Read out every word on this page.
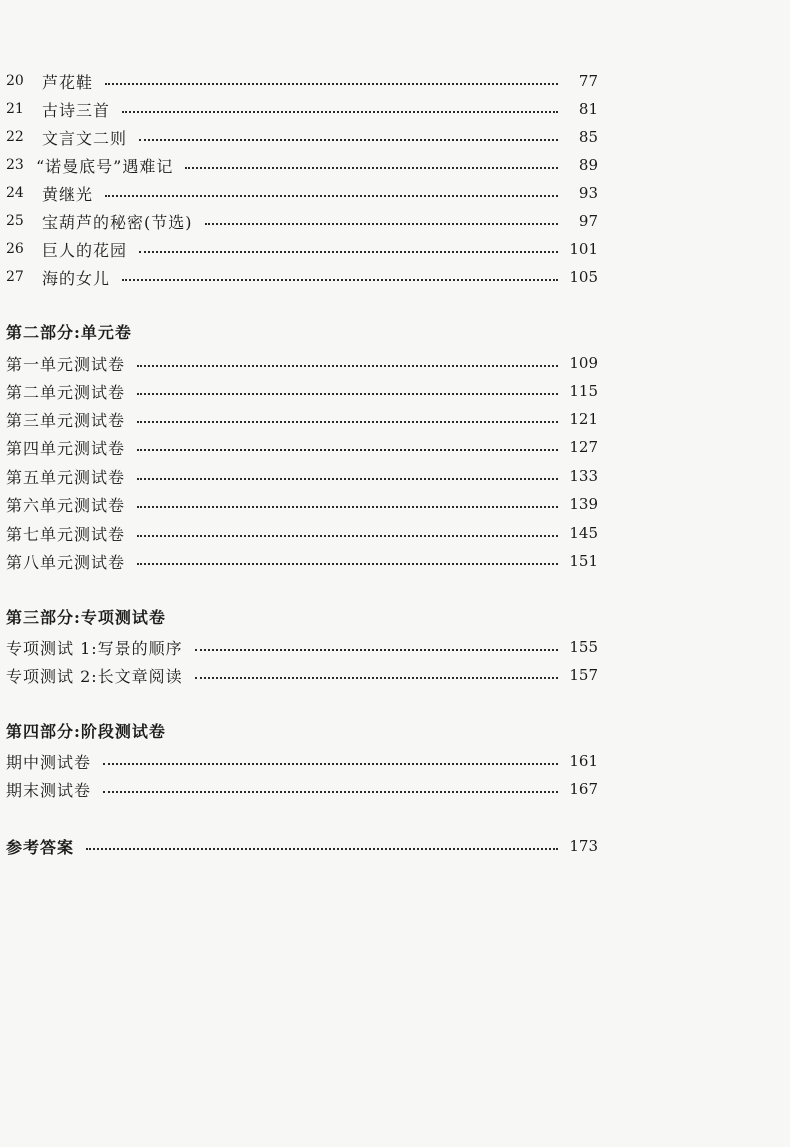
20	芦花鞋	77
21	古诗三首	81
22	文言文二则	85
23 “诺曼底号”遇难记	89
24	黄继光	93
25	宝葫芦的秘密(节选)	97
26	巨人的花园	101
27	海的女儿	105
第二部分:单元卷
第一单元测试卷	109
第二单元测试卷	115
第三单元测试卷	121
第四单元测试卷	127
第五单元测试卷	133
第六单元测试卷	139
第七单元测试卷	145
第八单元测试卷	151
第三部分:专项测试卷
专项测试 1:写景的顺序	155
专项测试 2:长文章阅读	157
第四部分:阶段测试卷
期中测试卷	161
期末测试卷	167
参考答案	173
